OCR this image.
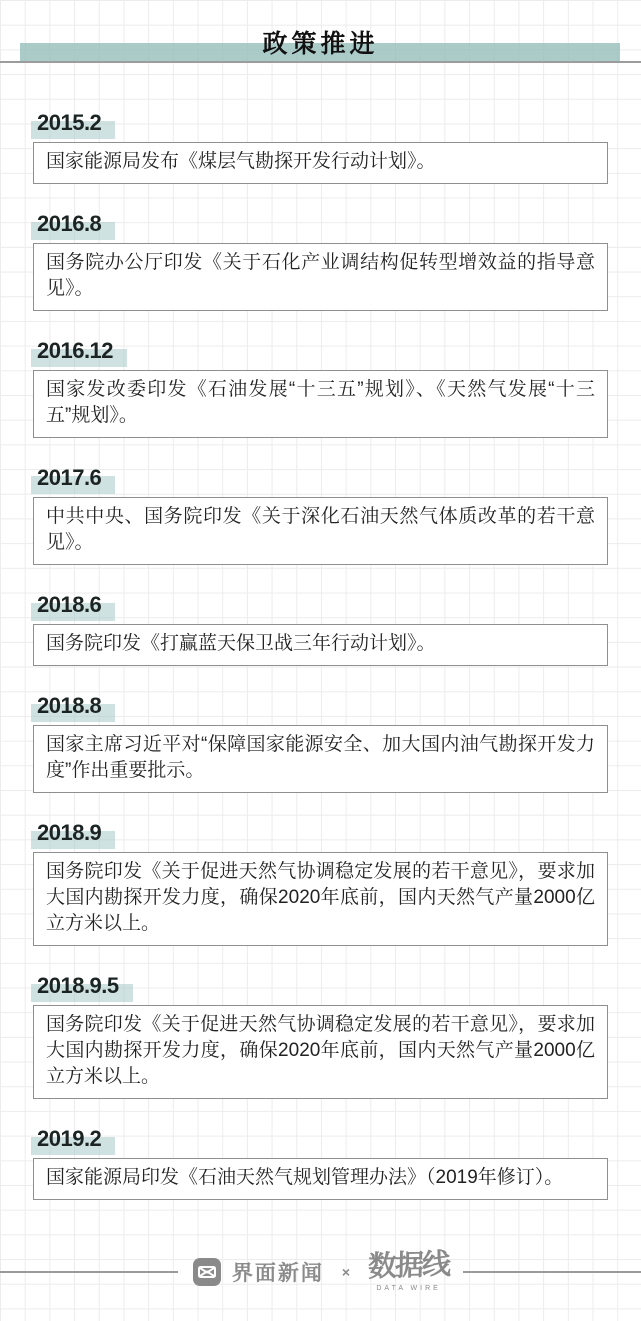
政策推进
2015.2
国家能源局发布《煤层气勘探开发行动计划》。
2016.8
国务院办公厅印发《关于石化产业调结构促转型增效益的指导意见》。
2016.12
国家发改委印发《石油发展“十三五”规划》、《天然气发展“十三五”规划》。
2017.6
中共中央、国务院印发《关于深化石油天然气体质改革的若干意见》。
2018.6
国务院印发《打赢蓝天保卫战三年行动计划》。
2018.8
国家主席习近平对“保障国家能源安全、加大国内油气勘探开发力度”作出重要批示。
2018.9
国务院印发《关于促进天然气协调稳定发展的若干意见》，要求加大国内勘探开发力度，确保2020年底前，国内天然气产量2000亿立方米以上。
2018.9.5
国务院印发《关于促进天然气协调稳定发展的若干意见》，要求加大国内勘探开发力度，确保2020年底前，国内天然气产量2000亿立方米以上。
2019.2
国家能源局印发《石油天然气规划管理办法》（2019年修订）。
界面新闻	× 数据线
DATA WIRE
